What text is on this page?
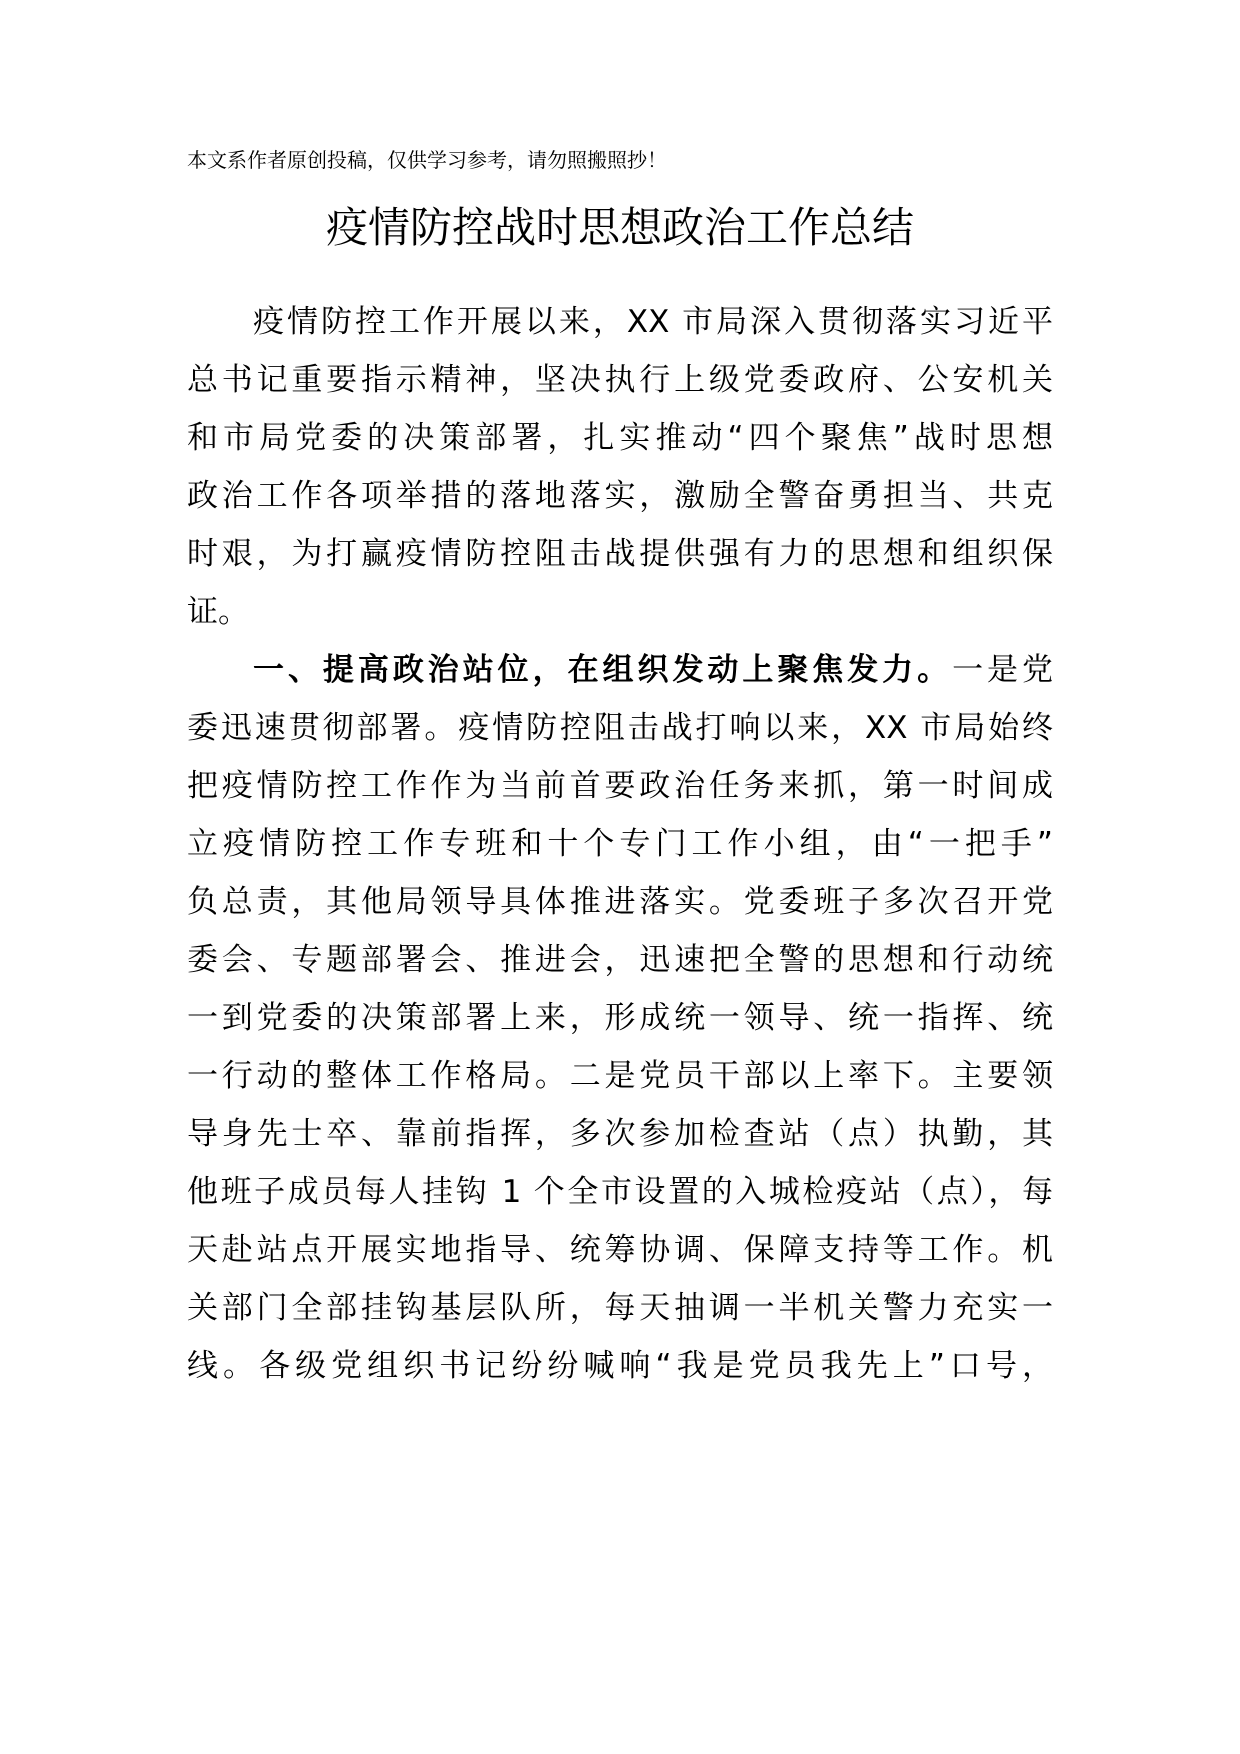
本文系作者原创投稿，仅供学习参考，请勿照搬照抄！
疫情防控战时思想政治工作总结
疫情防控工作开展以来，XX 市局深入贯彻落实习近平
总书记重要指示精神，坚决执行上级党委政府、公安机关
和市局党委的决策部署，扎实推动“四个聚焦”战时思想
政治工作各项举措的落地落实，激励全警奋勇担当、共克
时艰，为打赢疫情防控阻击战提供强有力的思想和组织保
证。
一、提高政治站位，在组织发动上聚焦发力。一是党
委迅速贯彻部署。疫情防控阻击战打响以来，XX 市局始终
把疫情防控工作作为当前首要政治任务来抓，第一时间成
立疫情防控工作专班和十个专门工作小组，由“一把手”
负总责，其他局领导具体推进落实。党委班子多次召开党
委会、专题部署会、推进会，迅速把全警的思想和行动统
一到党委的决策部署上来，形成统一领导、统一指挥、统
一行动的整体工作格局。二是党员干部以上率下。主要领
导身先士卒、靠前指挥，多次参加检查站（点）执勤，其
他班子成员每人挂钩 1 个全市设置的入城检疫站（点），每
天赴站点开展实地指导、统筹协调、保障支持等工作。机
关部门全部挂钩基层队所，每天抽调一半机关警力充实一
线。各级党组织书记纷纷喊响“我是党员我先上”口号，
